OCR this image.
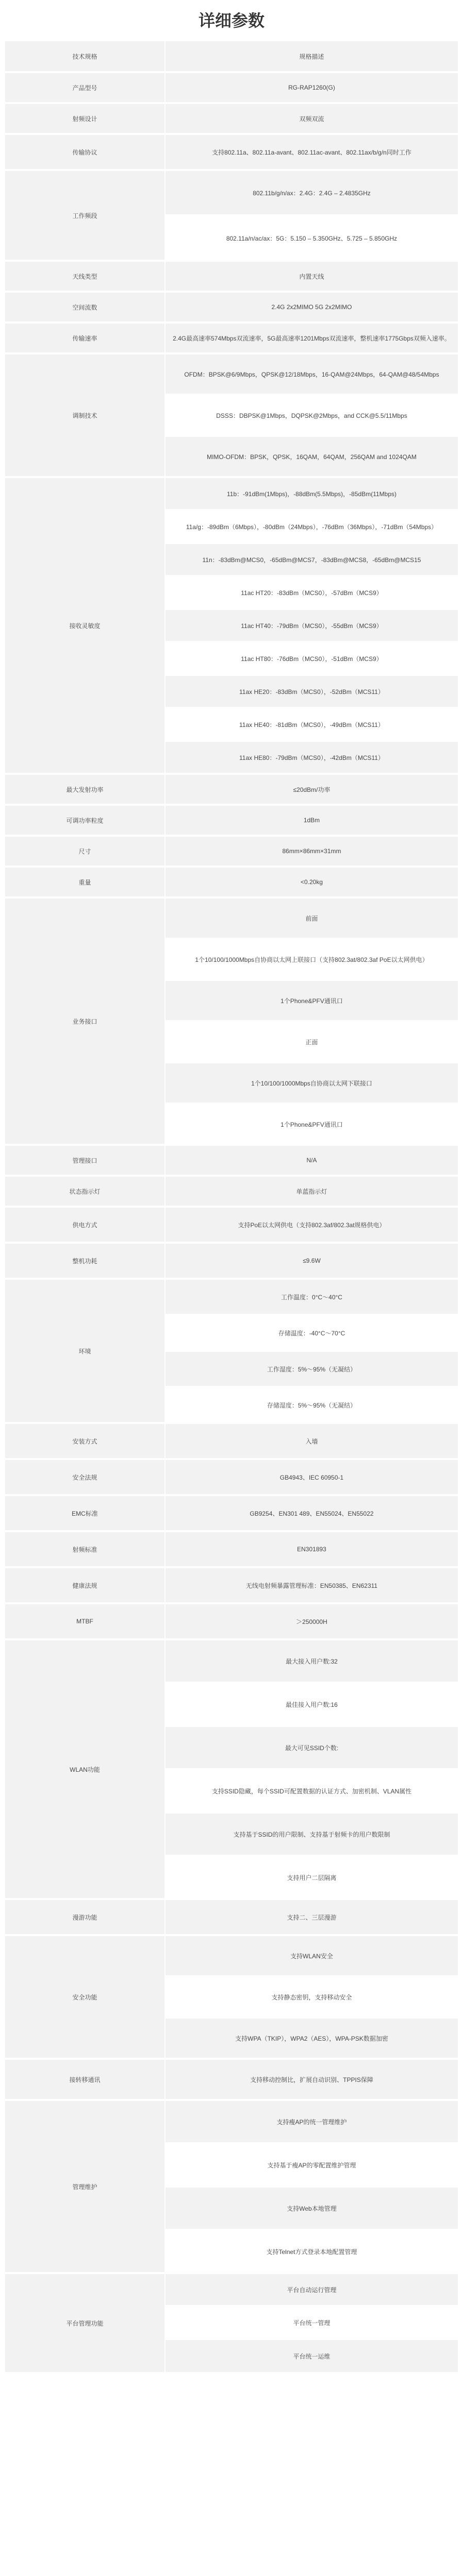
详细参数
技术规格	规格描述
产品型号	RG-RAP1260(G)
射频设计	双频双流
传输协议	支持802.11a、802.11a-avant、802.11ac-avant、802.11ax/b/g/n同时工作
工作频段	802.11b/g/n/ax：2.4G：2.4G – 2.4835GHz
	802.11a/n/ac/ax：5G：5.150 – 5.350GHz、5.725 – 5.850GHz
天线类型	内置天线
空间流数	2.4G 2x2MIMO 5G 2x2MIMO
传输速率	2.4G最高速率574Mbps双流速率，5G最高速率1201Mbps双流速率，整机速率1775Gbps双频入速率。
调制技术	OFDM：BPSK@6/9Mbps，QPSK@12/18Mbps，16-QAM@24Mbps，64-QAM@48/54Mbps
	DSSS：DBPSK@1Mbps，DQPSK@2Mbps，and CCK@5.5/11Mbps
	MIMO-OFDM：BPSK，QPSK，16QAM，64QAM，256QAM and 1024QAM
接收灵敏度	11b：-91dBm(1Mbps)，-88dBm(5.5Mbps)，-85dBm(11Mbps)
	11a/g：-89dBm（6Mbps），-80dBm（24Mbps），-76dBm（36Mbps），-71dBm（54Mbps）
	11n：-83dBm@MCS0，-65dBm@MCS7，-83dBm@MCS8，-65dBm@MCS15
	11ac HT20：-83dBm（MCS0），-57dBm（MCS9）
	11ac HT40：-79dBm（MCS0），-55dBm（MCS9）
	11ac HT80：-76dBm（MCS0），-51dBm（MCS9）
	11ax HE20：-83dBm（MCS0），-52dBm（MCS11）
	11ax HE40：-81dBm（MCS0），-49dBm（MCS11）
	11ax HE80：-79dBm（MCS0），-42dBm（MCS11）
最大发射功率	≤20dBm/功率
可调功率粒度	1dBm
尺寸	86mm×86mm×31mm
重量	<0.20kg
业务接口	前面
	1个10/100/1000Mbps自协商以太网上联接口（支持802.3at/802.3af PoE以太网供电）
	1个Phone&PFV通讯口
	正面
	1个10/100/1000Mbps自协商以太网下联接口
	1个Phone&PFV通讯口
管理接口	N/A
状态指示灯	单蓝指示灯
供电方式	支持PoE以太网供电（支持802.3af/802.3at规格供电）
整机功耗	≤9.6W
环境	工作温度：0°C～40°C
	存储温度：-40°C～70°C
	工作湿度：5%～95%（无凝结）
	存储湿度：5%～95%（无凝结）
安装方式	入墙
安全法规	GB4943、IEC 60950-1
EMC标准	GB9254、EN301 489、EN55024、EN55022
射频标准	EN301893
健康法规	无线电射频暴露管理标准：EN50385、EN62311
MTBF	＞250000H
WLAN功能	最大接入用户数:32
	最佳接入用户数:16
	最大可见SSID个数:
	支持SSID隐藏，每个SSID可配置数据的认证方式、加密机制、VLAN属性
	支持基于SSID的用户限制、支持基于射频卡的用户数限制
	支持用户二层隔离
漫游功能	支持二、三层漫游
安全功能	支持WLAN安全
	支持静态密钥，支持移动安全
	支持WPA（TKIP），WPA2（AES），WPA-PSK数据加密
接转移通讯	支持移动控制比，扩展自动识别、TPPIS保障
管理维护	支持瘦AP的统一管理维护
	支持基于瘦AP的零配置维护管理
	支持Web本地管理
	支持Telnet方式登录本地配置管理
平台管理功能	平台自动运行管理
	平台统一管理
	平台统一运维
